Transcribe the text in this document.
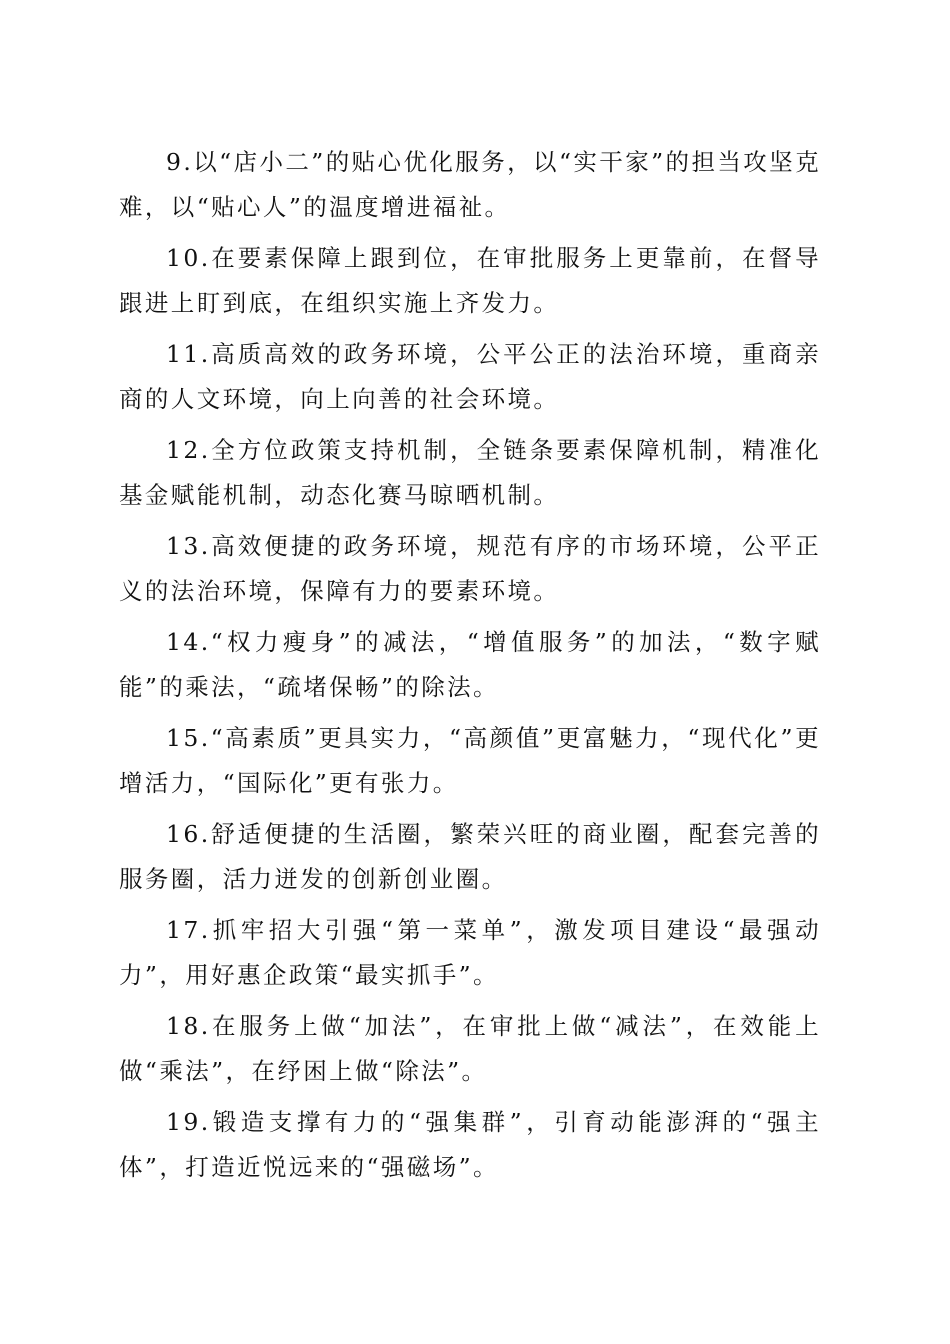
9.以“店小二”的贴心优化服务，以“实干家”的担当攻坚克难，以“贴心人”的温度增进福祉。

10.在要素保障上跟到位，在审批服务上更靠前，在督导跟进上盯到底，在组织实施上齐发力。

11.高质高效的政务环境，公平公正的法治环境，重商亲商的人文环境，向上向善的社会环境。

12.全方位政策支持机制，全链条要素保障机制，精准化基金赋能机制，动态化赛马晾晒机制。

13.高效便捷的政务环境，规范有序的市场环境，公平正义的法治环境，保障有力的要素环境。

14.“权力瘦身”的减法，“增值服务”的加法，“数字赋能”的乘法，“疏堵保畅”的除法。

15.“高素质”更具实力，“高颜值”更富魅力，“现代化”更增活力，“国际化”更有张力。

16.舒适便捷的生活圈，繁荣兴旺的商业圈，配套完善的服务圈，活力迸发的创新创业圈。

17.抓牢招大引强“第一菜单”，激发项目建设“最强动力”，用好惠企政策“最实抓手”。

18.在服务上做“加法”，在审批上做“减法”，在效能上做“乘法”，在纾困上做“除法”。

19.锻造支撑有力的“强集群”，引育动能澎湃的“强主体”，打造近悦远来的“强磁场”。
